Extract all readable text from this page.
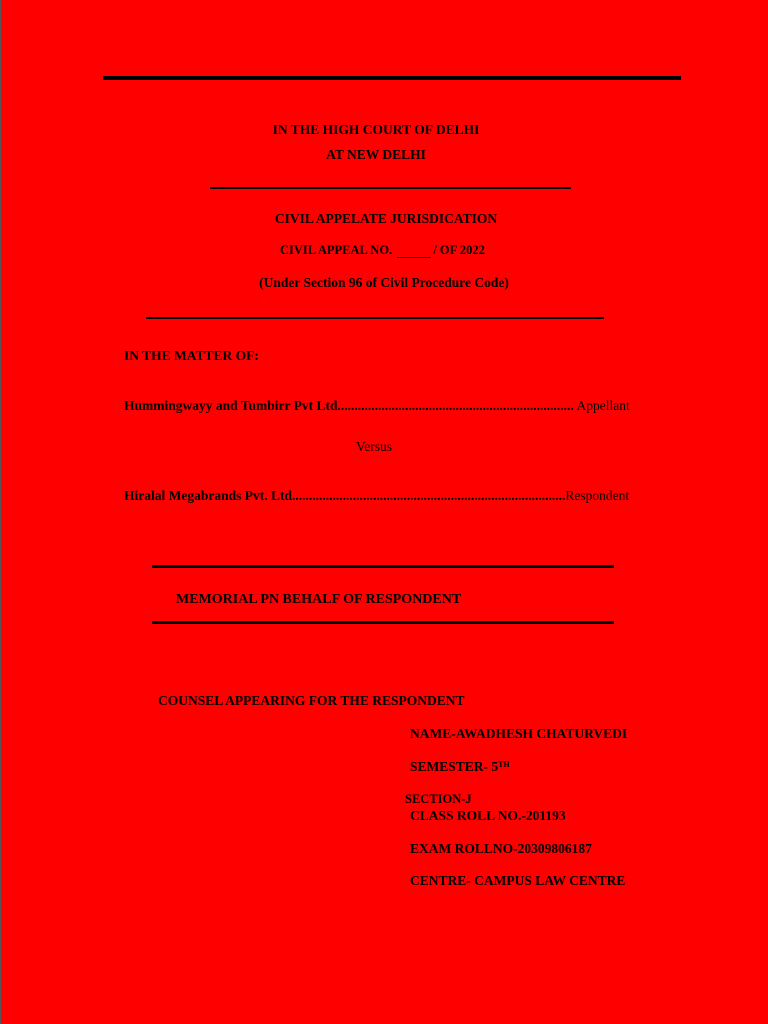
IN THE HIGH COURT OF DELHI
AT NEW DELHI
CIVIL APPELATE JURISDICATION
CIVIL APPEAL NO.	/ OF 2022
(Under Section 96 of Civil Procedure Code)
IN THE MATTER OF:
Hummingwayy and Tumbirr Pvt Ltd...................................................................... Appellant
Versus
Hiralal Megabrands Pvt. Ltd.................................................................................Respondent
MEMORIAL PN BEHALF OF RESPONDENT
COUNSEL APPEARING FOR THE RESPONDENT
NAME-AWADHESH CHATURVEDI
SEMESTER- 5TH
SECTION-J
CLASS ROLL NO.-201193
EXAM ROLLNO-20309806187
CENTRE- CAMPUS LAW CENTRE
